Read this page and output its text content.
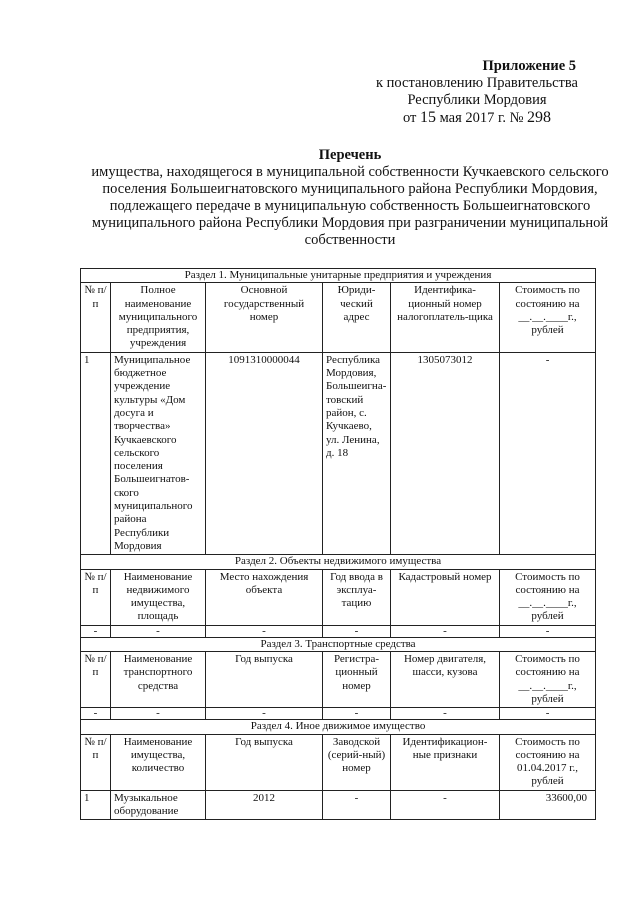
Приложение 5
к постановлению Правительства
Республики Мордовия
от 15 мая 2017 г. № 298
Перечень
имущества, находящегося в муниципальной собственности Кучкаевского сельского поселения Большеигнатовского муниципального района Республики Мордовия, подлежащего передаче в муниципальную собственность Большеигнатовского муниципального района Республики Мордовия при разграничении муниципальной собственности
Раздел 1. Муниципальные унитарные предприятия и учреждения					
№ п/п	Полное наименование муниципального предприятия, учреждения	Основной государственный номер	Юриди-ческий адрес	Идентифика-ционный номер налогоплатель-щика	Стоимость по состоянию на __.__.____г., рублей
1	Муниципальное бюджетное учреждение культуры «Дом досуга и творчества» Кучкаевского сельского поселения Большеигнатов-ского муниципального района Республики Мордовия	1091310000044	Республика Мордовия, Большеигна-товский район, с. Кучкаево, ул. Ленина, д. 18	1305073012	-
Раздел 2. Объекты недвижимого имущества					
№ п/п	Наименование недвижимого имущества, площадь	Место нахождения объекта	Год ввода в эксплуа-тацию	Кадастровый номер	Стоимость по состоянию на __.__.____г., рублей
-	-	-	-	-	-
Раздел 3. Транспортные средства					
№ п/п	Наименование транспортного средства	Год выпуска	Регистра-ционный номер	Номер двигателя, шасси, кузова	Стоимость по состоянию на __.__.____г., рублей
-	-	-	-	-	-
Раздел 4. Иное движимое имущество					
№ п/п	Наименование имущества, количество	Год выпуска	Заводской (серий-ный) номер	Идентификацион-ные признаки	Стоимость по состоянию на 01.04.2017 г., рублей
1	Музыкальное оборудование	2012	-	-	33600,00
